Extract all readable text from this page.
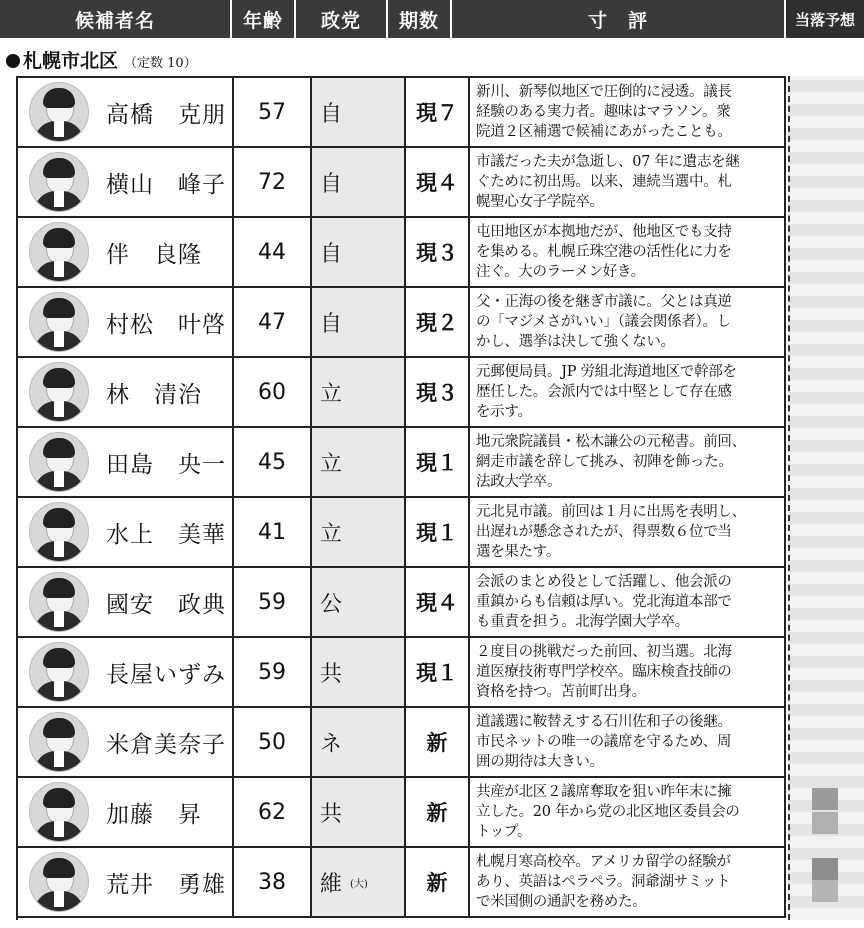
候補者名	年齢	政党	期数	寸　評	当落予想
札幌市北区 （定数 10）
高橋　克朋	57	自	現７
新川、新琴似地区で圧倒的に浸透。議長
経験のある実力者。趣味はマラソン。衆
院道２区補選で候補にあがったことも。
横山　峰子	72	自	現４
市議だった夫が急逝し、07 年に遺志を継
ぐために初出馬。以来、連続当選中。札
幌聖心女子学院卒。
伴　良隆	44	自	現３
屯田地区が本拠地だが、他地区でも支持
を集める。札幌丘珠空港の活性化に力を
注ぐ。大のラーメン好き。
村松　叶啓	47	自	現２
父・正海の後を継ぎ市議に。父とは真逆
の「マジメさがいい」（議会関係者）。し
かし、選挙は決して強くない。
林　清治	60	立	現３
元郵便局員。JP 労組北海道地区で幹部を
歴任した。会派内では中堅として存在感
を示す。
田島　央一	45	立	現１
地元衆院議員・松木謙公の元秘書。前回、
網走市議を辞して挑み、初陣を飾った。
法政大学卒。
水上　美華	41	立	現１
元北見市議。前回は１月に出馬を表明し、
出遅れが懸念されたが、得票数６位で当
選を果たす。
國安　政典	59	公	現４
会派のまとめ役として活躍し、他会派の
重鎮からも信頼は厚い。党北海道本部で
も重責を担う。北海学園大学卒。
長屋いずみ	59	共	現１
２度目の挑戦だった前回、初当選。北海
道医療技術専門学校卒。臨床検査技師の
資格を持つ。苫前町出身。
米倉美奈子	50	ネ	新
道議選に鞍替えする石川佐和子の後継。
市民ネットの唯一の議席を守るため、周
囲の期待は大きい。
加藤　昇	62	共	新
共産が北区２議席奪取を狙い昨年末に擁
立した。20 年から党の北区地区委員会の
トップ。
荒井　勇雄	38	維 (大)	新
札幌月寒高校卒。アメリカ留学の経験が
あり、英語はペラペラ。洞爺湖サミット
で米国側の通訳を務めた。
